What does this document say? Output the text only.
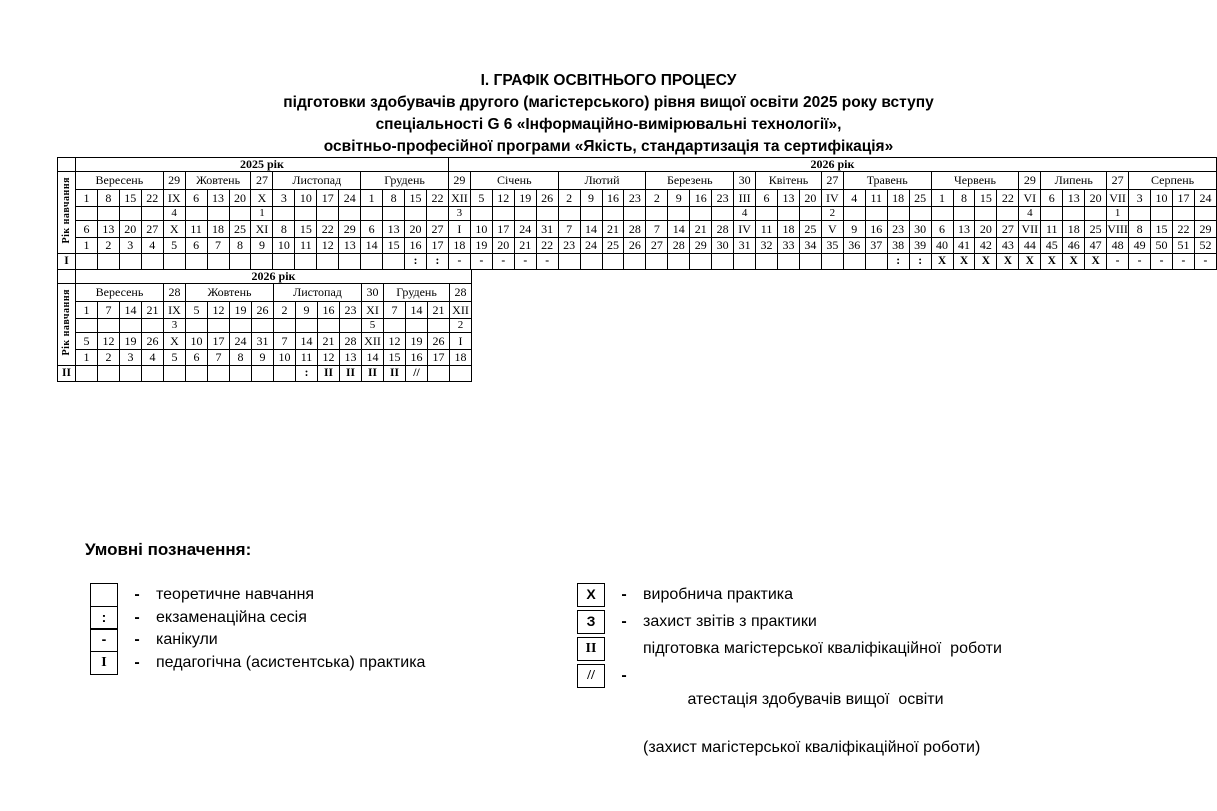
І. ГРАФІК ОСВІТНЬОГО ПРОЦЕСУ
підготовки здобувачів другого (магістерського) рівня вищої освіти 2025 року вступу
спеціальності G 6 «Інформаційно-вимірювальні технології»,
освітньо-професійної програми «Якість, стандартизація та сертифікація»
	2025 рік																	2026 рік																																		
Рік навчання	Вересень				29	Жовтень			27	Листопад				Грудень				29	Січень				Лютий				Березень				30	Квітень			27	Травень				Червень				29	Липень			27	Серпень			
	1	8	15	22	IX	6	13	20	X	3	10	17	24	1	8	15	22	XII	5	12	19	26	2	9	16	23	2	9	16	23	III	6	13	20	IV	4	11	18	25	1	8	15	22	VI	6	13	20	VII	3	10	17	24
					4				1									3													4				2									4				1				
	6	13	20	27	X	11	18	25	XI	8	15	22	29	6	13	20	27	I	10	17	24	31	7	14	21	28	7	14	21	28	IV	11	18	25	V	9	16	23	30	6	13	20	27	VII	11	18	25	VIII	8	15	22	29
	1	2	3	4	5	6	7	8	9	10	11	12	13	14	15	16	17	18	19	20	21	22	23	24	25	26	27	28	29	30	31	32	33	34	35	36	37	38	39	40	41	42	43	44	45	46	47	48	49	50	51	52
I																:	:	-	-	-	-	-																:	:	X	X	X	X	X	X	X	X	-	-	-	-	-
	2026 рік																	
Рік навчання	Вересень				28	Жовтень				Листопад				30	Грудень			28
	1	7	14	21	IX	5	12	19	26	2	9	16	23	XI	7	14	21	XII
					3									5				2
	5	12	19	26	X	10	17	24	31	7	14	21	28	XII	12	19	26	I
	1	2	3	4	5	6	7	8	9	10	11	12	13	14	15	16	17	18
II											:	II	II	II	II	//		
Умовні позначення:
-	теоретичне навчання
:	-	екзаменаційна сесія
-	-	канікули
I	-	педагогічна (асистентська) практика
X	-	виробнича практика
З	-	захист звітів з практики
II	підготовка магістерської кваліфікаційної  роботи
//	-

атестація здобувачів вищої  освіти

(захист магістерської кваліфікаційної роботи)
